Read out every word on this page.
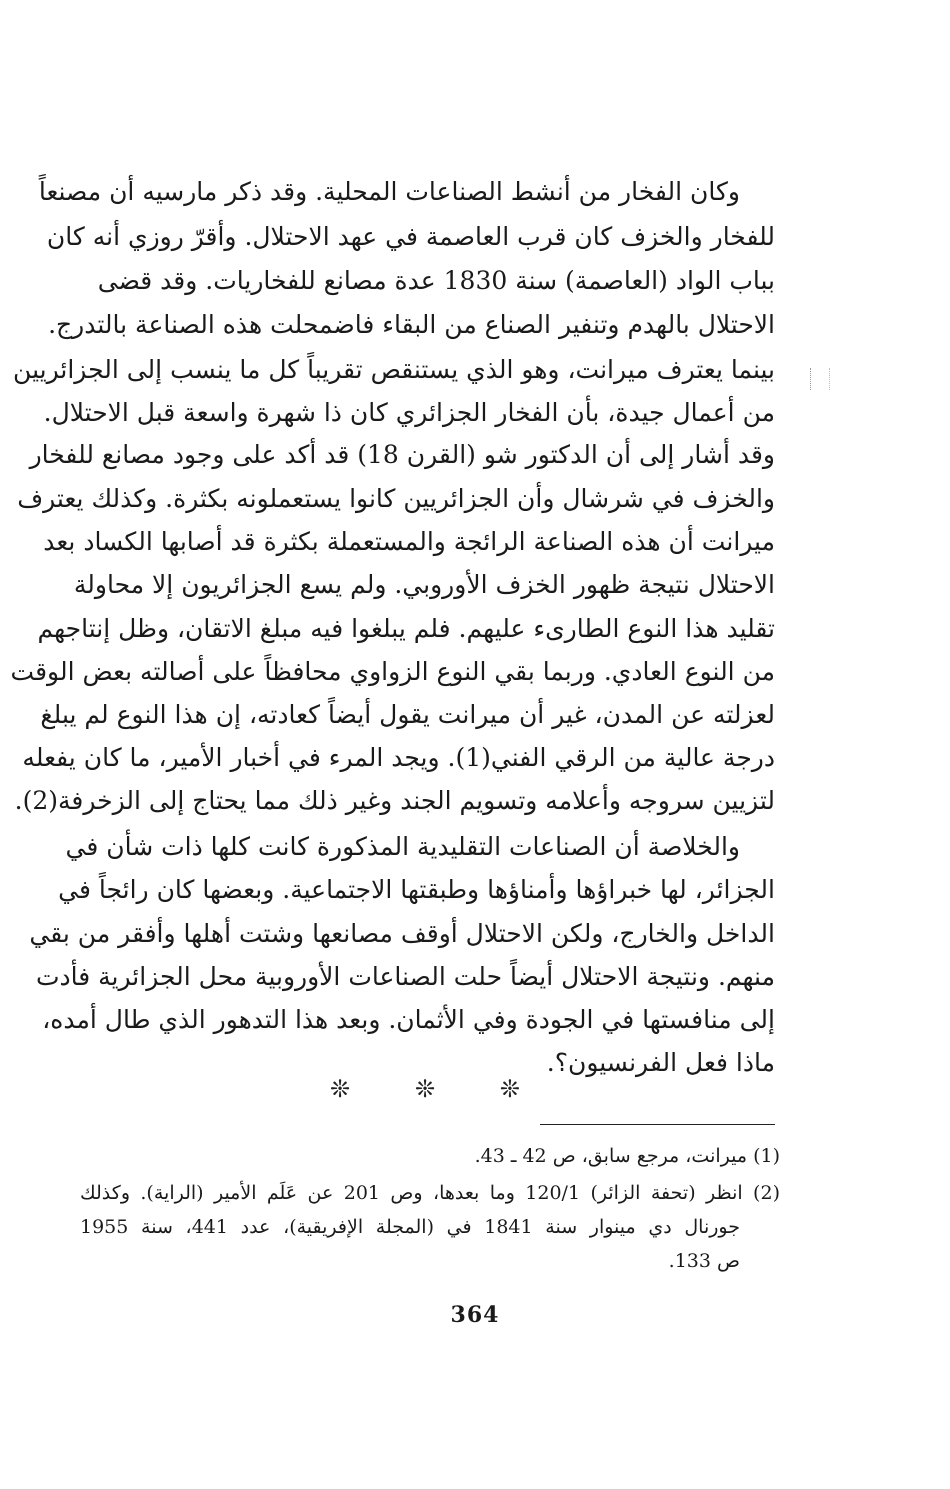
وكان الفخار من أنشط الصناعات المحلية. وقد ذكر مارسيه أن مصنعاً
للفخار والخزف كان قرب العاصمة في عهد الاحتلال. وأقرّ روزي أنه كان
بباب الواد (العاصمة) سنة 1830 عدة مصانع للفخاريات. وقد قضى
الاحتلال بالهدم وتنفير الصناع من البقاء فاضمحلت هذه الصناعة بالتدرج.
بينما يعترف ميرانت، وهو الذي يستنقص تقريباً كل ما ينسب إلى الجزائريين
من أعمال جيدة، بأن الفخار الجزائري كان ذا شهرة واسعة قبل الاحتلال.
وقد أشار إلى أن الدكتور شو (القرن 18) قد أكد على وجود مصانع للفخار
والخزف في شرشال وأن الجزائريين كانوا يستعملونه بكثرة. وكذلك يعترف
ميرانت أن هذه الصناعة الرائجة والمستعملة بكثرة قد أصابها الكساد بعد
الاحتلال نتيجة ظهور الخزف الأوروبي. ولم يسع الجزائريون إلا محاولة
تقليد هذا النوع الطارىء عليهم. فلم يبلغوا فيه مبلغ الاتقان، وظل إنتاجهم
من النوع العادي. وربما بقي النوع الزواوي محافظاً على أصالته بعض الوقت
لعزلته عن المدن، غير أن ميرانت يقول أيضاً كعادته، إن هذا النوع لم يبلغ
درجة عالية من الرقي الفني(1). ويجد المرء في أخبار الأمير، ما كان يفعله
لتزيين سروجه وأعلامه وتسويم الجند وغير ذلك مما يحتاج إلى الزخرفة(2).
والخلاصة أن الصناعات التقليدية المذكورة كانت كلها ذات شأن في
الجزائر، لها خبراؤها وأمناؤها وطبقتها الاجتماعية. وبعضها كان رائجاً في
الداخل والخارج، ولكن الاحتلال أوقف مصانعها وشتت أهلها وأفقر من بقي
منهم. ونتيجة الاحتلال أيضاً حلت الصناعات الأوروبية محل الجزائرية فأدت
إلى منافستها في الجودة وفي الأثمان. وبعد هذا التدهور الذي طال أمده،
ماذا فعل الفرنسيون؟.
❊	❊	❊
(1) ميرانت، مرجع سابق، ص 42 ـ 43.
(2) انظر (تحفة الزائر) 120/1 وما بعدها، وص 201 عن عَلَم الأمير (الراية). وكذلك
جورنال دي مينوار سنة 1841 في (المجلة الإفريقية)، عدد 441، سنة 1955
ص 133.
364
